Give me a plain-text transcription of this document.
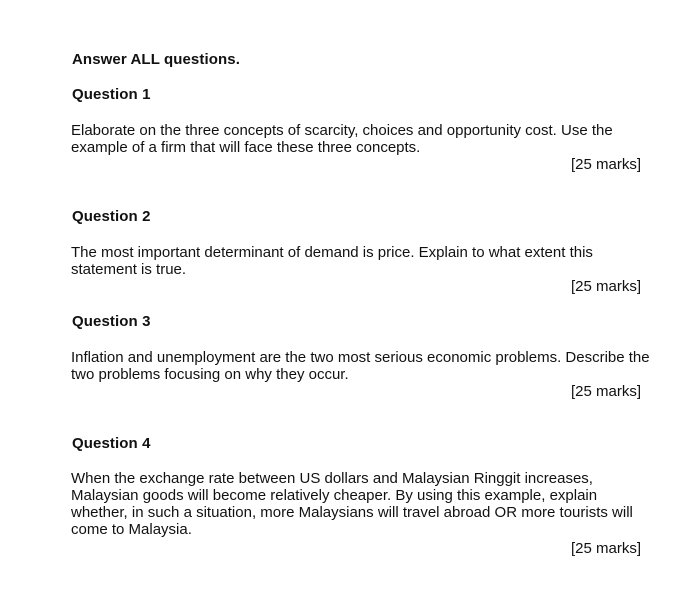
Answer ALL questions.
Question 1
Elaborate on the three concepts of scarcity, choices and opportunity cost. Use the example of a firm that will face these three concepts.
[25 marks]
Question 2
The most important determinant of demand is price. Explain to what extent this statement is true.
[25 marks]
Question 3
Inflation and unemployment are the two most serious economic problems. Describe the two problems focusing on why they occur.
[25 marks]
Question 4
When the exchange rate between US dollars and Malaysian Ringgit increases, Malaysian goods will become relatively cheaper. By using this example, explain whether, in such a situation, more Malaysians will travel abroad OR more tourists will come to Malaysia.
[25 marks]
